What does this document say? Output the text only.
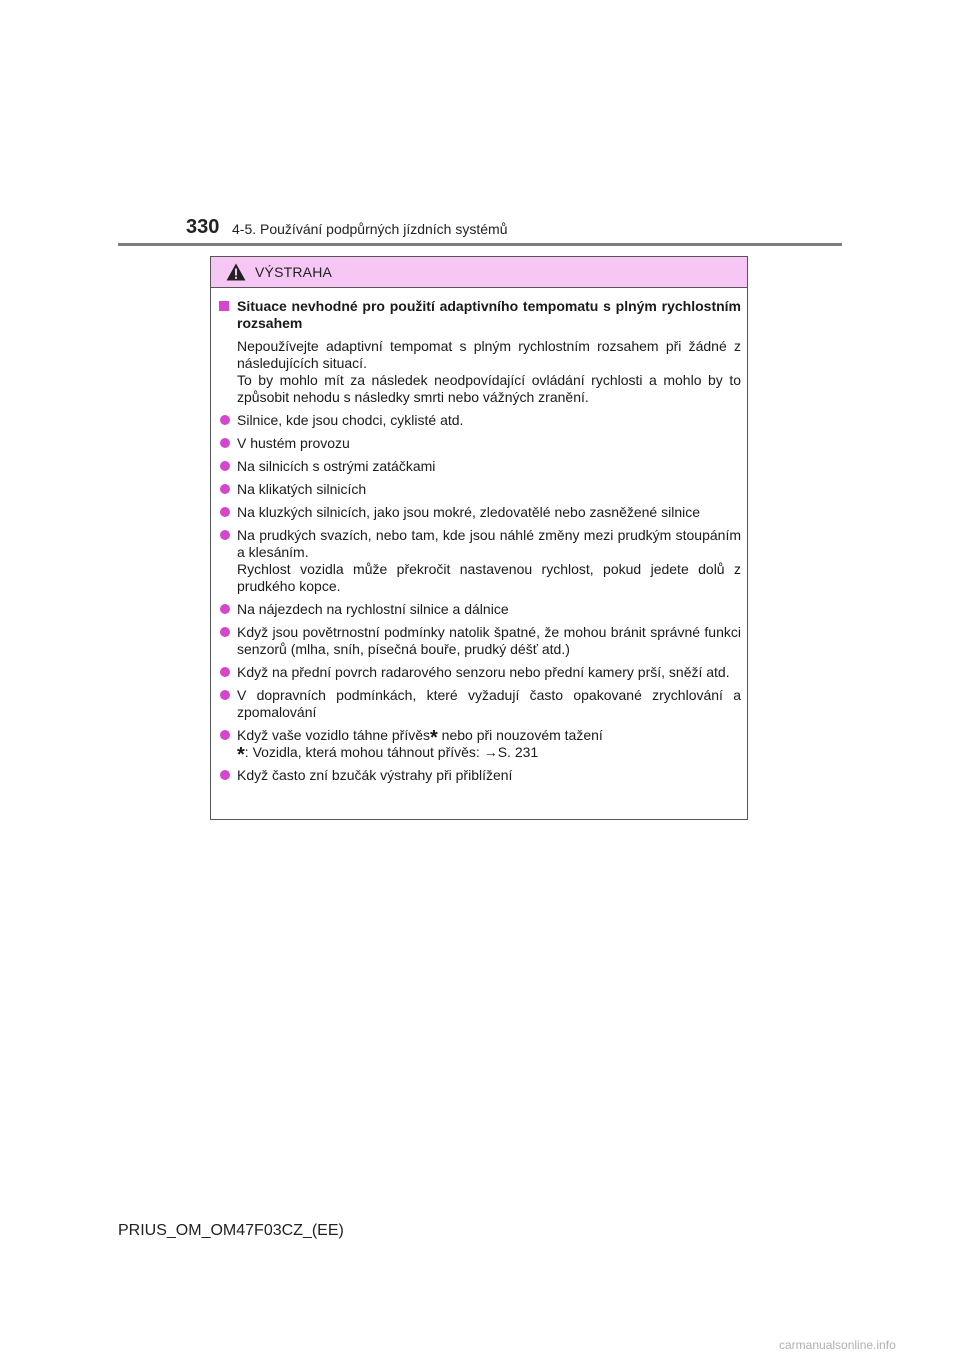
330 4-5. Používání podpůrných jízdních systémů
VÝSTRAHA
Situace nevhodné pro použití adaptivního tempomatu s plným rychlostním rozsahem
Nepoužívejte adaptivní tempomat s plným rychlostním rozsahem při žádné z následujících situací.
To by mohlo mít za následek neodpovídající ovládání rychlosti a mohlo by to způsobit nehodu s následky smrti nebo vážných zranění.
Silnice, kde jsou chodci, cyklisté atd.
V hustém provozu
Na silnicích s ostrými zatáčkami
Na klikatých silnicích
Na kluzkých silnicích, jako jsou mokré, zledovatělé nebo zasněžené silnice
Na prudkých svazích, nebo tam, kde jsou náhlé změny mezi prudkým stoupáním a klesáním.
Rychlost vozidla může překročit nastavenou rychlost, pokud jedete dolů z prudkého kopce.
Na nájezdech na rychlostní silnice a dálnice
Když jsou povětrnostní podmínky natolik špatné, že mohou bránit správné funkci senzorů (mlha, sníh, písečná bouře, prudký déšť atd.)
Když na přední povrch radarového senzoru nebo přední kamery prší, sněží atd.
V dopravních podmínkách, které vyžadují často opakované zrychlování a zpomalování
Když vaše vozidlo táhne přívěs* nebo při nouzovém tažení
*: Vozidla, která mohou táhnout přívěs: →S. 231
Když často zní bzučák výstrahy při přiblížení
PRIUS_OM_OM47F03CZ_(EE)
carmanualsonline.info
